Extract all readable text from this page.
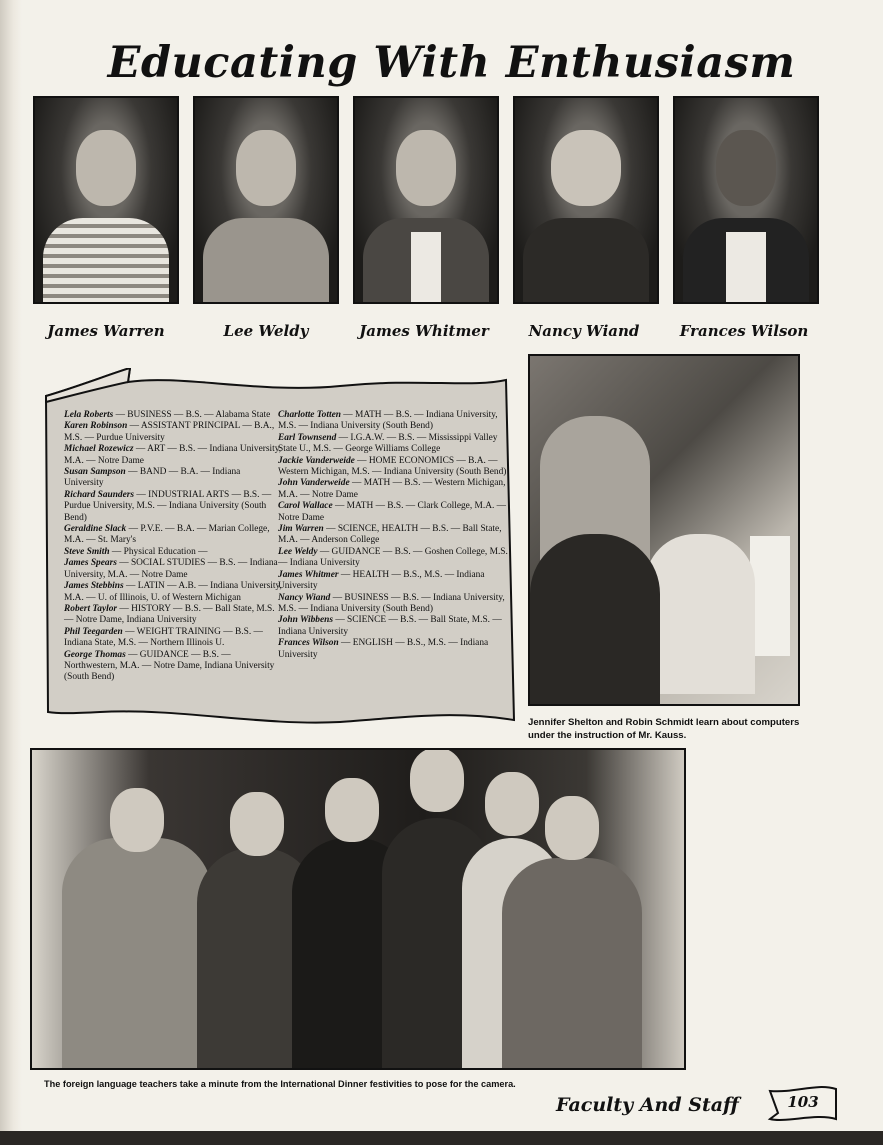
Educating With Enthusiasm
James Warren	Lee Weldy	James Whitmer	Nancy Wiand	Frances Wilson

Lela Roberts — BUSINESS — B.S. — Alabama State

Karen Robinson — ASSISTANT PRINCIPAL — B.A., M.S. — Purdue University

Michael Rozewicz — ART — B.S. — Indiana University, M.A. — Notre Dame

Susan Sampson — BAND — B.A. — Indiana University

Richard Saunders — INDUSTRIAL ARTS — B.S. — Purdue University, M.S. — Indiana University (South Bend)

Geraldine Slack — P.V.E. — B.A. — Marian College, M.A. — St. Mary's

Steve Smith — Physical Education —

James Spears — SOCIAL STUDIES — B.S. — Indiana University, M.A. — Notre Dame

James Stebbins — LATIN — A.B. — Indiana University, M.A. — U. of Illinois, U. of Western Michigan

Robert Taylor — HISTORY — B.S. — Ball State, M.S. — Notre Dame, Indiana University

Phil Teegarden — WEIGHT TRAINING — B.S. — Indiana State, M.S. — Northern Illinois U.

George Thomas — GUIDANCE — B.S. — Northwestern, M.A. — Notre Dame, Indiana University (South Bend)

Charlotte Totten — MATH — B.S. — Indiana University, M.S. — Indiana University (South Bend)

Earl Townsend — I.G.A.W. — B.S. — Mississippi Valley State U., M.S. — George Williams College

Jackie Vanderweide — HOME ECONOMICS — B.A. — Western Michigan, M.S. — Indiana University (South Bend)

John Vanderweide — MATH — B.S. — Western Michigan, M.A. — Notre Dame

Carol Wallace — MATH — B.S. — Clark College, M.A. — Notre Dame

Jim Warren — SCIENCE, HEALTH — B.S. — Ball State, M.A. — Anderson College

Lee Weldy — GUIDANCE — B.S. — Goshen College, M.S. — Indiana University

James Whitmer — HEALTH — B.S., M.S. — Indiana University

Nancy Wiand — BUSINESS — B.S. — Indiana University, M.S. — Indiana University (South Bend)

John Wibbens — SCIENCE — B.S. — Ball State, M.S. — Indiana University

Frances Wilson — ENGLISH — B.S., M.S. — Indiana University

Jennifer Shelton and Robin Schmidt learn about computers under the instruction of Mr. Kauss.
The foreign language teachers take a minute from the International Dinner festivities to pose for the camera.
Faculty And Staff	103
